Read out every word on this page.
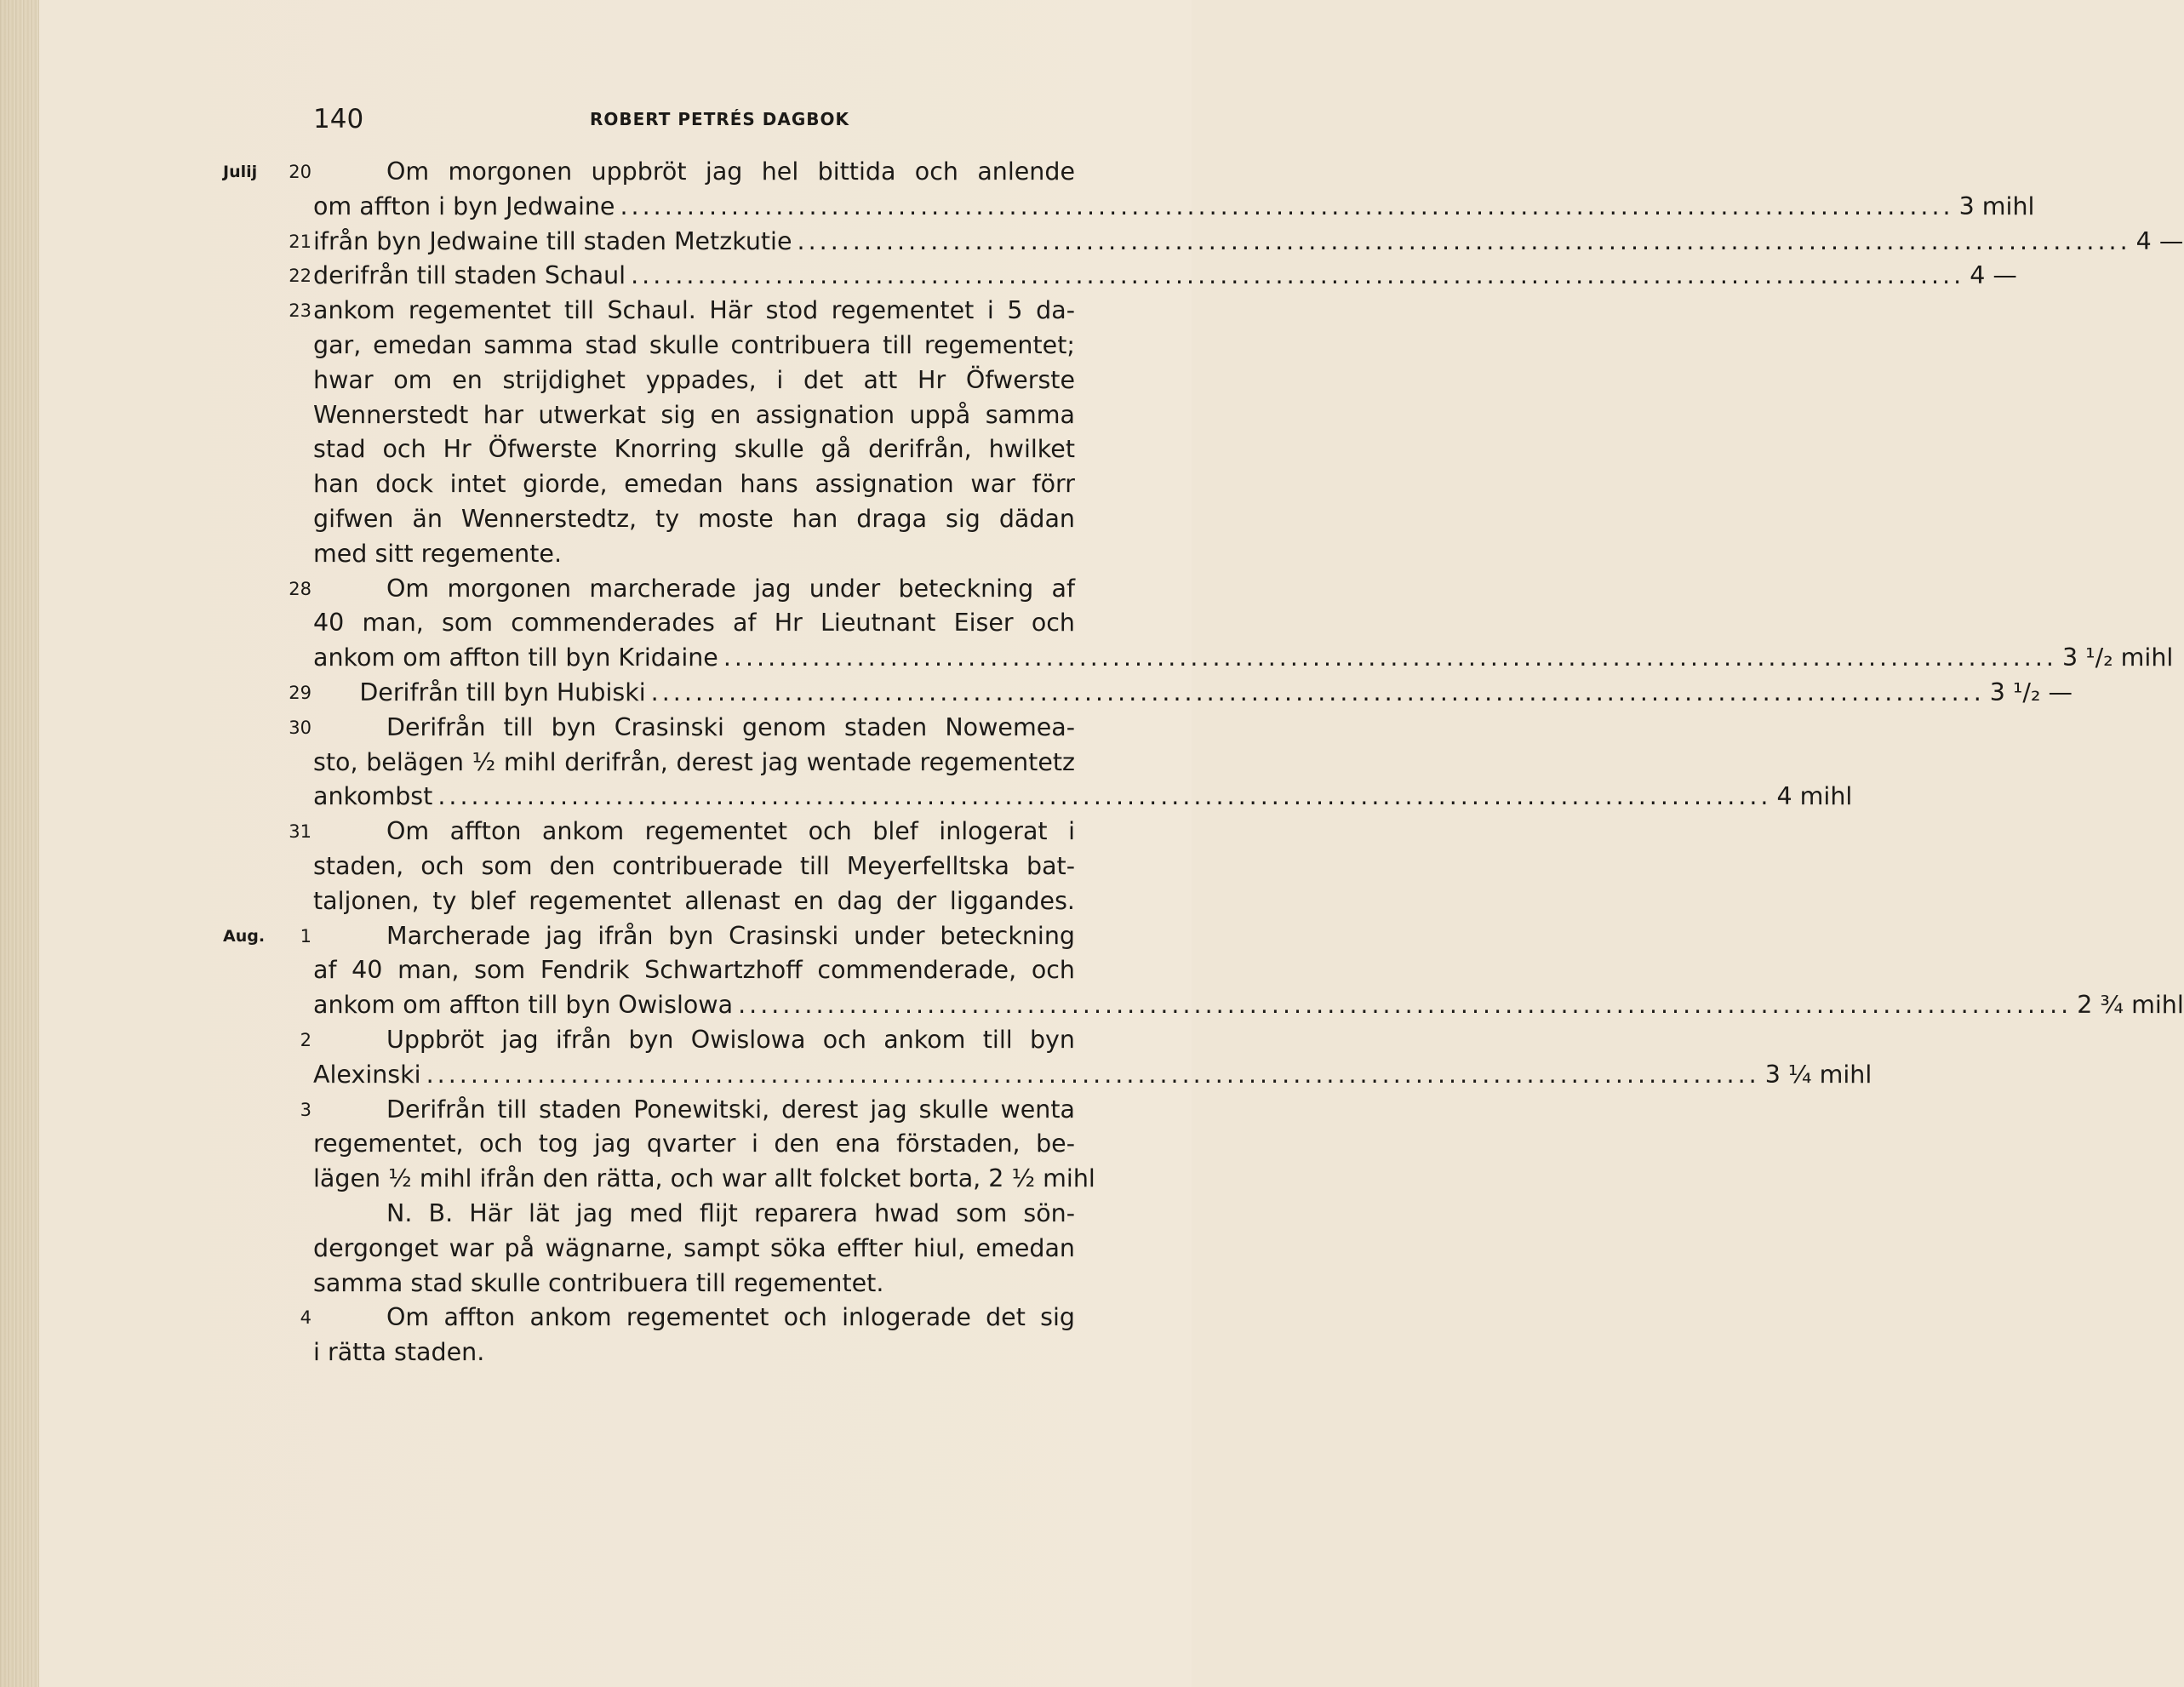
140	ROBERT PETRÉS DAGBOK
Julij	20	Om morgonen uppbröt jag hel bittida och anlende
om affton i byn Jedwaine ........................................................................................................................ 3 mihl
21 ifrån byn Jedwaine till staden Metzkutie ........................................................................................................................ 4 —
22 derifrån till staden Schaul ........................................................................................................................ 4 —
23 ankom regementet till Schaul. Här stod regementet i 5 da-
gar, emedan samma stad skulle contribuera till regementet;
hwar om en strijdighet yppades, i det att Hr Öfwerste
Wennerstedt har utwerkat sig en assignation uppå samma
stad och Hr Öfwerste Knorring skulle gå derifrån, hwilket
han dock intet giorde, emedan hans assignation war förr
gifwen än Wennerstedtz, ty moste han draga sig dädan
med sitt regemente.
28	Om morgonen marcherade jag under beteckning af
40 man, som commenderades af Hr Lieutnant Eiser och
ankom om affton till byn Kridaine ........................................................................................................................ 3 ¹/₂ mihl
29 Derifrån till byn Hubiski ........................................................................................................................ 3 ¹/₂ —
30	Derifrån till byn Crasinski genom staden Nowemea-
sto, belägen ½ mihl derifrån, derest jag wentade regementetz
ankombst ........................................................................................................................ 4 mihl
31	Om affton ankom regementet och blef inlogerat i
staden, och som den contribuerade till Meyerfelltska bat-
taljonen, ty blef regementet allenast en dag der liggandes.
Aug.	1	Marcherade jag ifrån byn Crasinski under beteckning
af 40 man, som Fendrik Schwartzhoff commenderade, och
ankom om affton till byn Owislowa ........................................................................................................................ 2 ¾ mihl
2	Uppbröt jag ifrån byn Owislowa och ankom till byn
Alexinski ........................................................................................................................ 3 ¼ mihl
3	Derifrån till staden Ponewitski, derest jag skulle wenta
regementet, och tog jag qvarter i den ena förstaden, be-
lägen ½ mihl ifrån den rätta, och war allt folcket borta, 2 ½ mihl
N. B. Här lät jag med flijt reparera hwad som sön-
dergonget war på wägnarne, sampt söka effter hiul, emedan
samma stad skulle contribuera till regementet.
4	Om affton ankom regementet och inlogerade det sig
i rätta staden.
